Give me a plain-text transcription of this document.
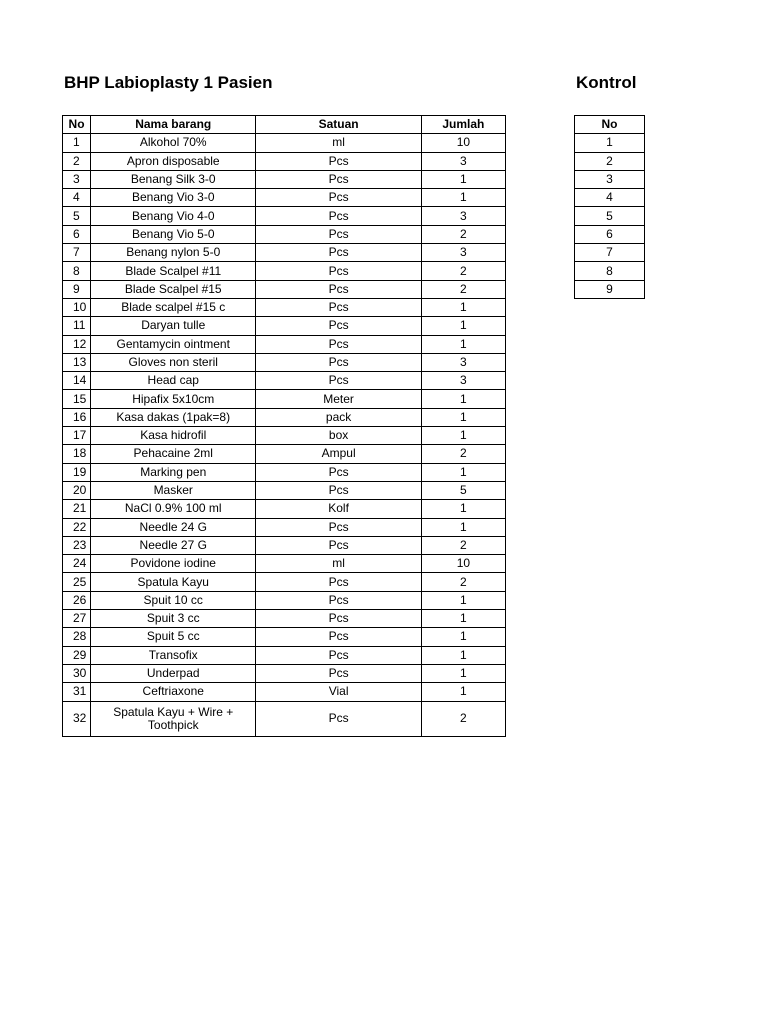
BHP Labioplasty 1 Pasien	Kontrol
No	Nama barang	Satuan	Jumlah
1	Alkohol 70%	ml	10
2	Apron disposable	Pcs	3
3	Benang Silk 3-0	Pcs	1
4	Benang Vio 3-0	Pcs	1
5	Benang Vio 4-0	Pcs	3
6	Benang Vio 5-0	Pcs	2
7	Benang nylon 5-0	Pcs	3
8	Blade Scalpel #11	Pcs	2
9	Blade Scalpel #15	Pcs	2
10	Blade scalpel #15 c	Pcs	1
11	Daryan tulle	Pcs	1
12	Gentamycin ointment	Pcs	1
13	Gloves non steril	Pcs	3
14	Head cap	Pcs	3
15	Hipafix 5x10cm	Meter	1
16	Kasa dakas (1pak=8)	pack	1
17	Kasa hidrofil	box	1
18	Pehacaine 2ml	Ampul	2
19	Marking pen	Pcs	1
20	Masker	Pcs	5
21	NaCl 0.9% 100 ml	Kolf	1
22	Needle 24 G	Pcs	1
23	Needle 27 G	Pcs	2
24	Povidone iodine	ml	10
25	Spatula Kayu	Pcs	2
26	Spuit 10 cc	Pcs	1
27	Spuit 3 cc	Pcs	1
28	Spuit 5 cc	Pcs	1
29	Transofix	Pcs	1
30	Underpad	Pcs	1
31	Ceftriaxone	Vial	1
32	Spatula Kayu + Wire + Toothpick	Pcs	2
No
1
2
3
4
5
6
7
8
9
